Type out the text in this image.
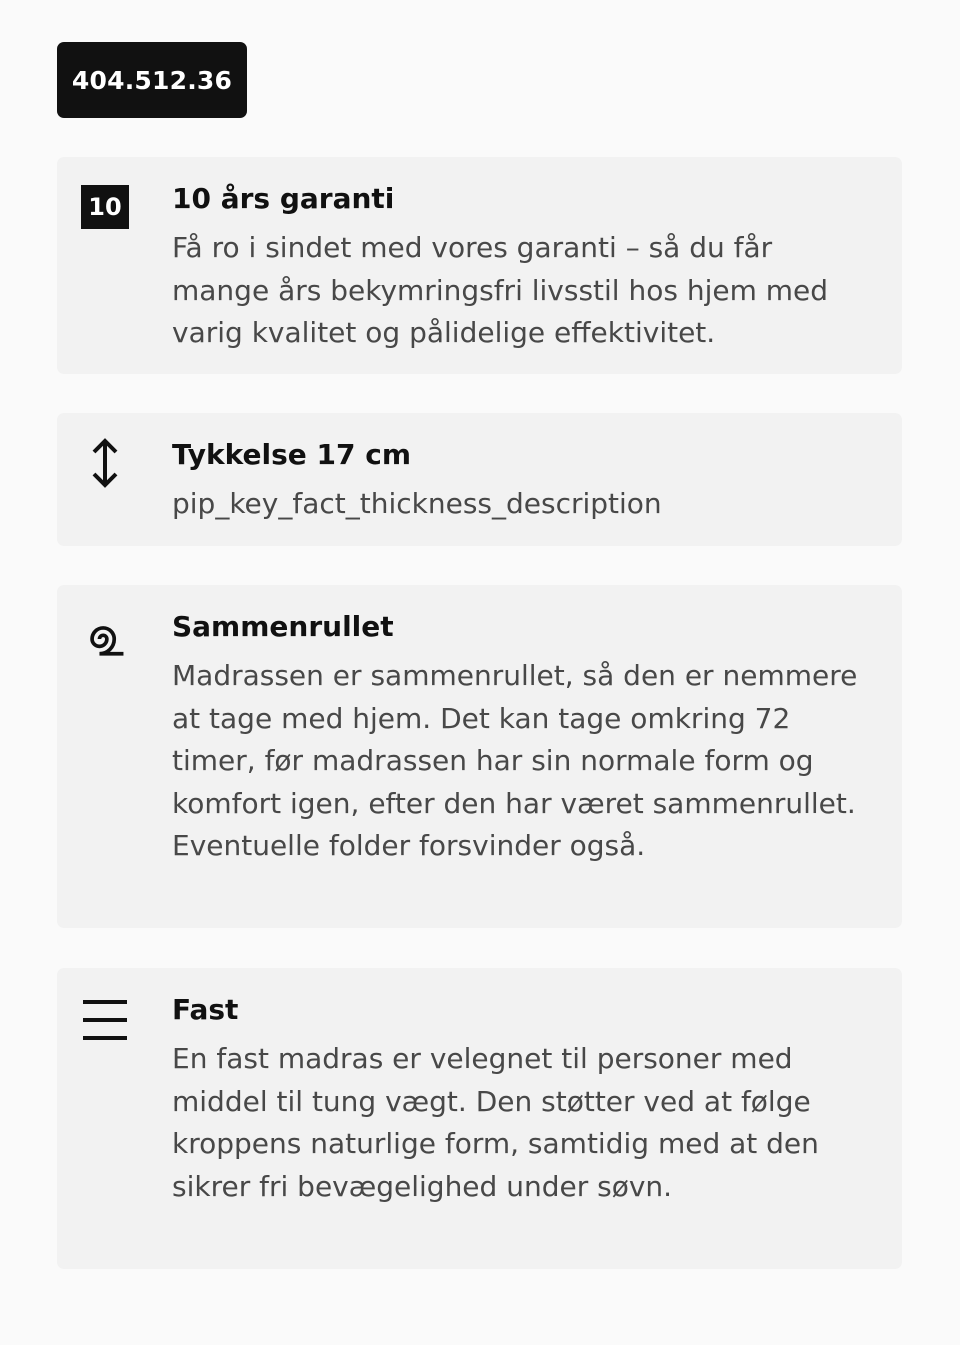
404.512.36
10 10 års garanti
Få ro i sindet med vores garanti – så du får mange års bekymringsfri livsstil hos hjem med varig kvalitet og pålidelige effektivitet.
Tykkelse 17 cm
pip_key_fact_thickness_description
Sammenrullet
Madrassen er sammenrullet, så den er nemmere at tage med hjem. Det kan tage omkring 72 timer, før madrassen har sin normale form og komfort igen, efter den har været sammenrullet. Eventuelle folder forsvinder også.
Fast
En fast madras er velegnet til personer med middel til tung vægt. Den støtter ved at følge kroppens naturlige form, samtidig med at den sikrer fri bevægelighed under søvn.
